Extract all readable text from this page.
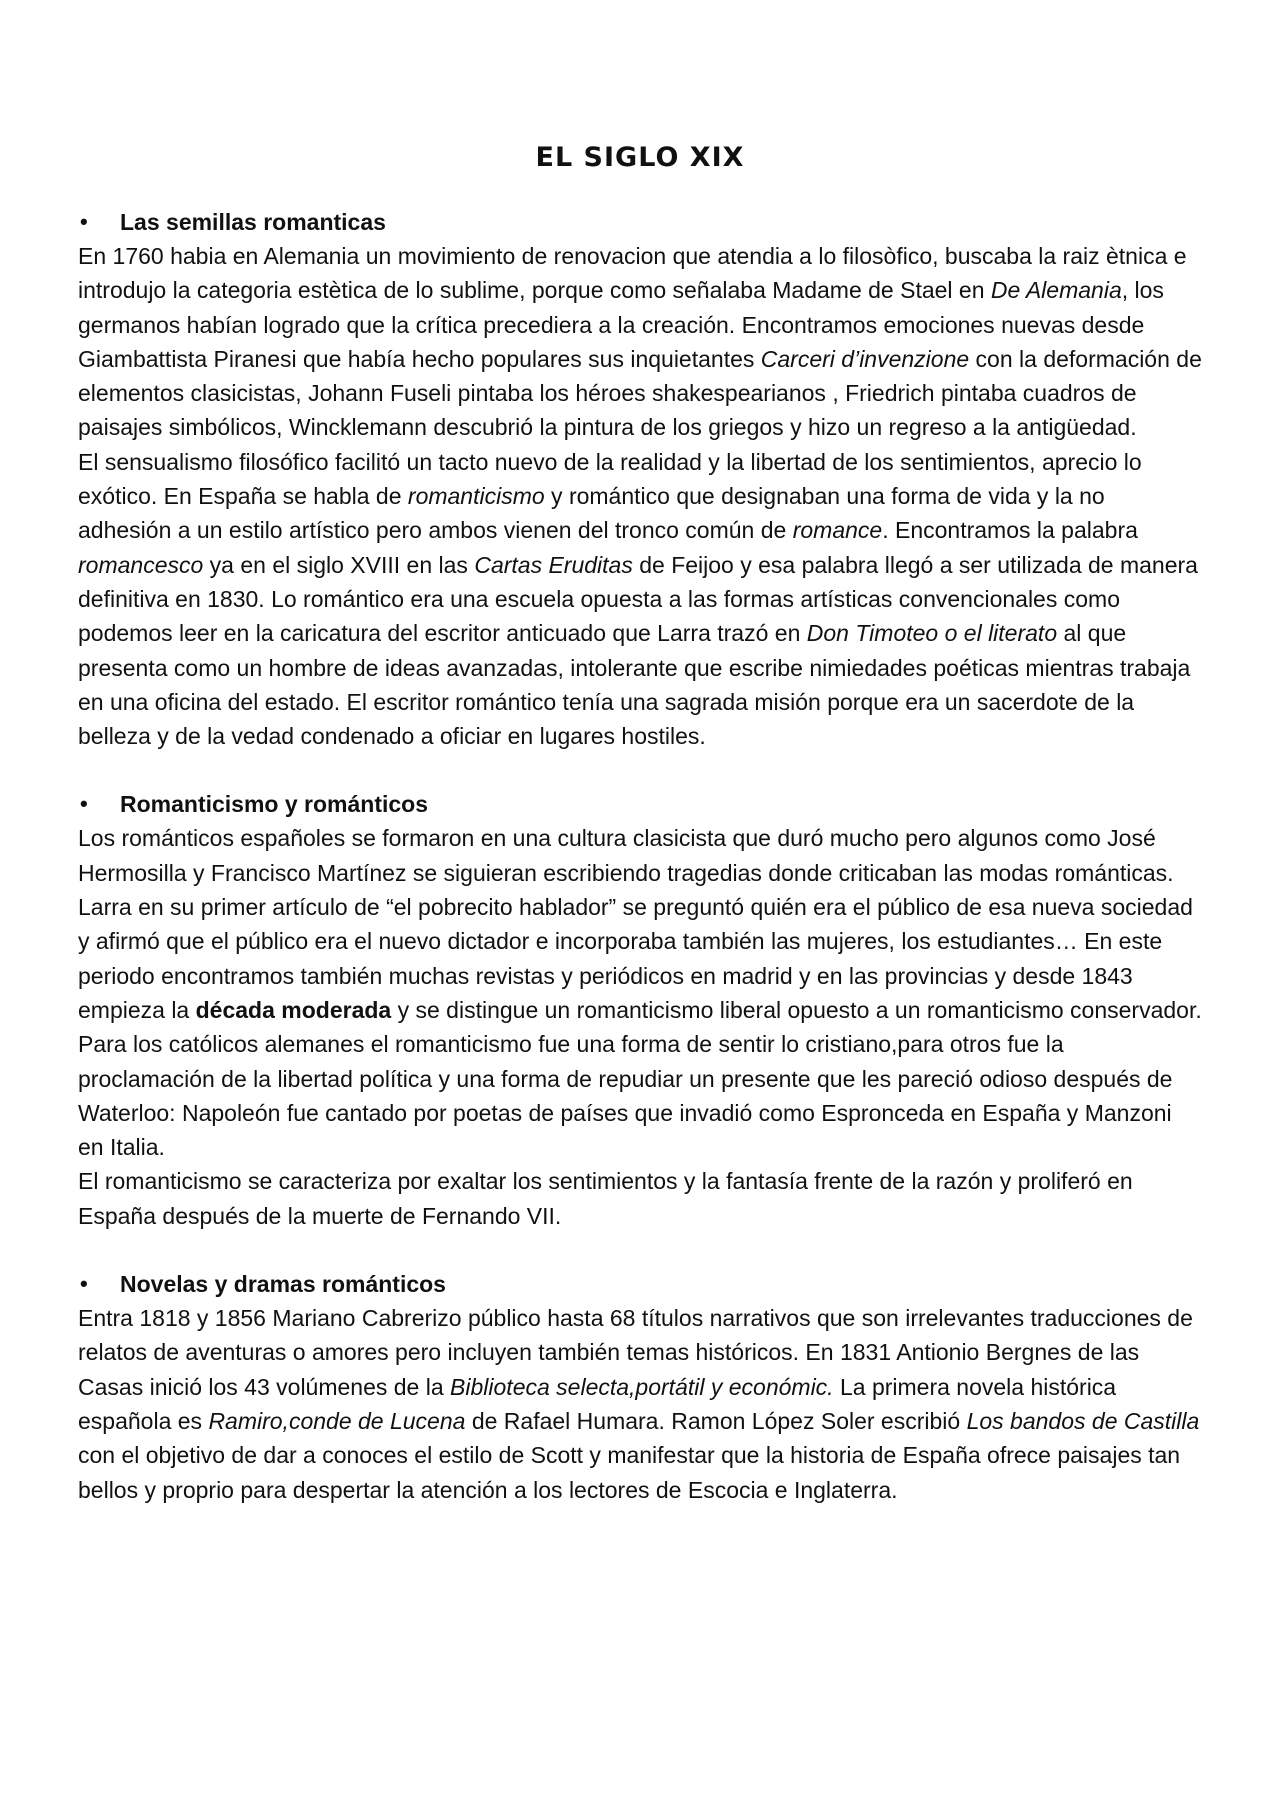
EL SIGLO XIX
•	Las semillas romanticas

En 1760 habia en Alemania un movimiento de renovacion que atendia a lo filosòfico, buscaba la raiz ètnica e introdujo la categoria estètica de lo sublime, porque como señalaba Madame de Stael en De Alemania, los germanos habían logrado que la crítica precediera a la creación. Encontramos emociones nuevas desde Giambattista Piranesi que había hecho populares sus inquietantes Carceri d’invenzione con la deformación de elementos clasicistas, Johann Fuseli pintaba los héroes shakespearianos , Friedrich pintaba cuadros de paisajes simbólicos, Wincklemann descubrió la pintura de los griegos y hizo un regreso a la antigüedad.

El sensualismo filosófico facilitó un tacto nuevo de la realidad y la libertad de los sentimientos, aprecio lo exótico. En España se habla de romanticismo y romántico que designaban una forma de vida y la no adhesión a un estilo artístico pero ambos vienen del tronco común de romance. Encontramos la palabra romancesco ya en el siglo XVIII en las Cartas Eruditas de Feijoo y esa palabra llegó a ser utilizada de manera definitiva en 1830. Lo romántico era una escuela opuesta a las formas artísticas convencionales como podemos leer en la caricatura del escritor anticuado que Larra trazó en Don Timoteo o el literato al que presenta como un hombre de ideas avanzadas, intolerante que escribe nimiedades poéticas mientras trabaja en una oficina del estado. El escritor romántico tenía una sagrada misión porque era un sacerdote de la belleza y de la vedad condenado a oficiar en lugares hostiles.

•	Romanticismo y románticos

Los románticos españoles se formaron en una cultura clasicista que duró mucho pero algunos como José Hermosilla y Francisco Martínez se siguieran escribiendo tragedias donde criticaban las modas románticas.

Larra en su primer artículo de “el pobrecito hablador” se preguntó quién era el público de esa nueva sociedad y afirmó que el público era el nuevo dictador e incorporaba también las mujeres, los estudiantes… En este periodo encontramos también muchas revistas y periódicos en madrid y en las provincias y desde 1843 empieza la década moderada y se distingue un romanticismo liberal opuesto a un romanticismo conservador. Para los católicos alemanes el romanticismo fue una forma de sentir lo cristiano,para otros fue la proclamación de la libertad política y una forma de repudiar un presente que les pareció odioso después de Waterloo: Napoleón fue cantado por poetas de países que invadió como Espronceda en España y Manzoni en Italia.

El romanticismo se caracteriza por exaltar los sentimientos y la fantasía frente de la razón y proliferó en España después de la muerte de Fernando VII.

•	Novelas y dramas románticos

Entra 1818 y 1856 Mariano Cabrerizo público hasta 68 títulos narrativos que son irrelevantes traducciones de relatos de aventuras o amores pero incluyen también temas históricos. En 1831 Antionio Bergnes de las Casas inició los 43 volúmenes de la Biblioteca selecta,portátil y económic. La primera novela histórica española es Ramiro,conde de Lucena de Rafael Humara. Ramon López Soler escribió Los bandos de Castilla con el objetivo de dar a conoces el estilo de Scott y manifestar que la historia de España ofrece paisajes tan bellos y proprio para despertar la atención a los lectores de Escocia e Inglaterra.
